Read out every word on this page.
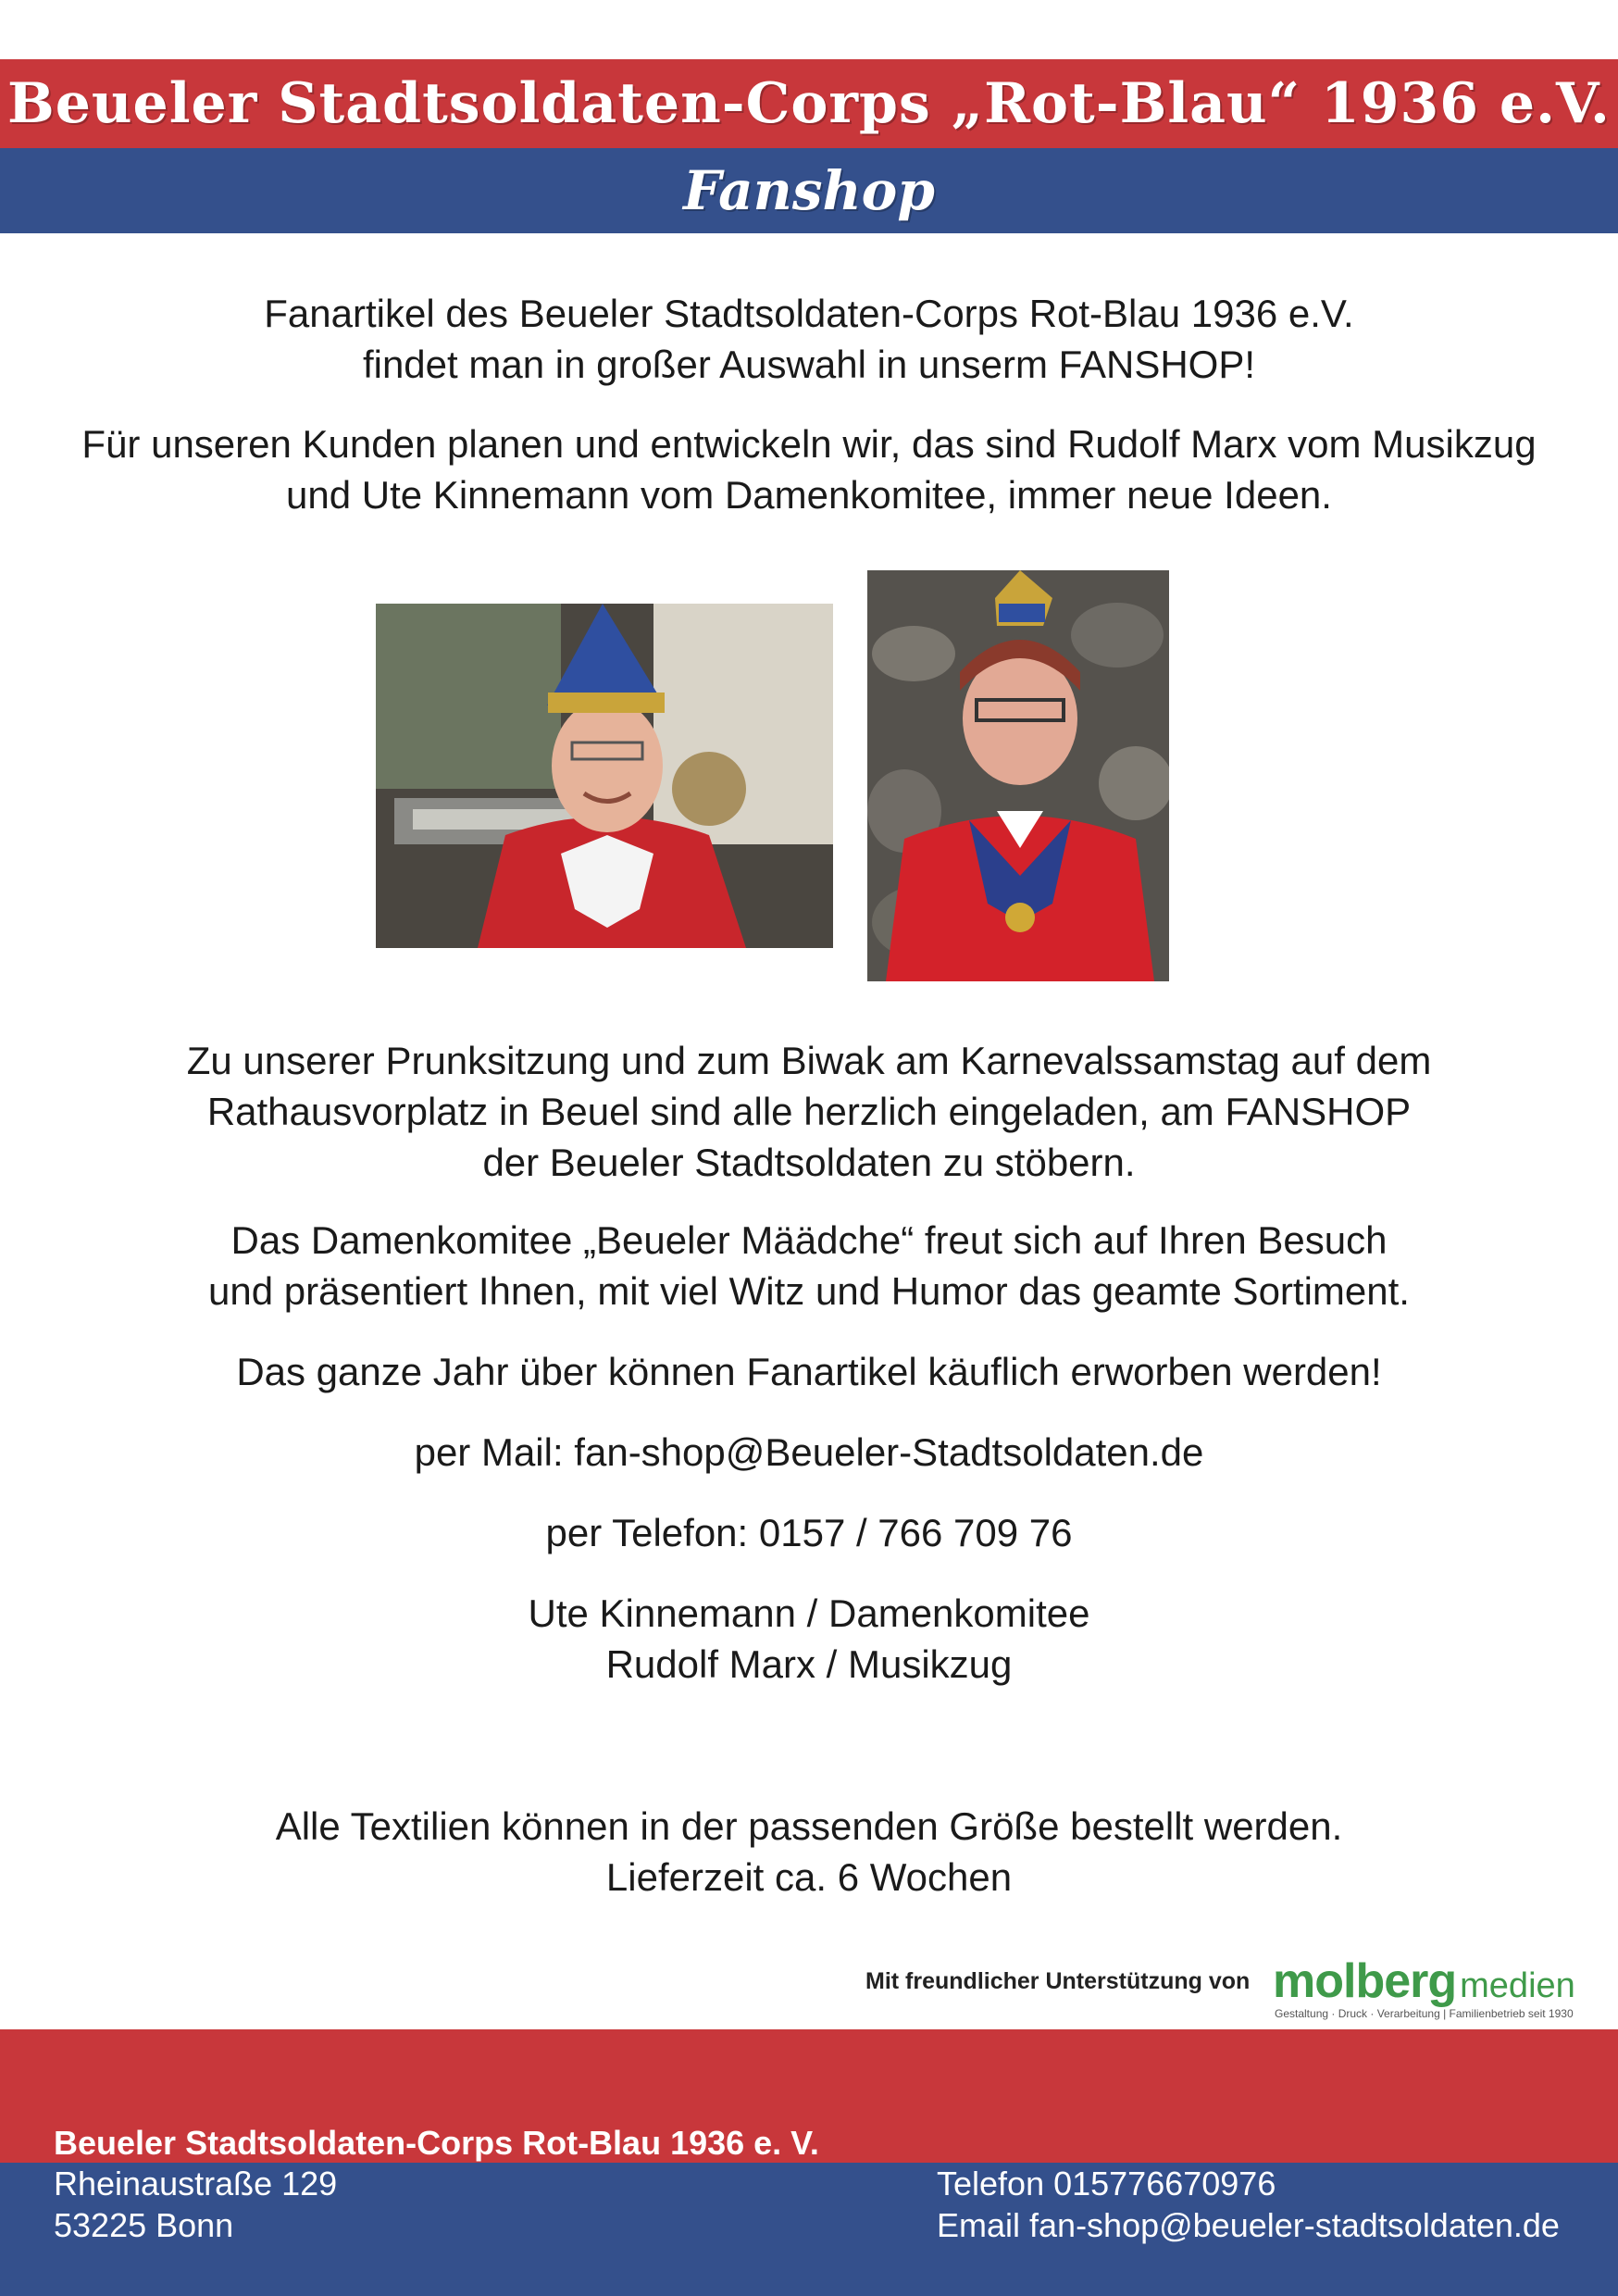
Beueler Stadtsoldaten-Corps „Rot-Blau“ 1936 e.V.
Fanshop
Fanartikel des Beueler Stadtsoldaten-Corps Rot-Blau 1936 e.V.
findet man in großer Auswahl in unserm FANSHOP!
Für unseren Kunden planen und entwickeln wir, das sind Rudolf Marx vom Musikzug
und Ute Kinnemann vom Damenkomitee, immer neue Ideen.
Zu unserer Prunksitzung und zum Biwak am Karnevalssamstag auf dem
Rathausvorplatz in Beuel sind alle herzlich eingeladen, am FANSHOP
der Beueler Stadtsoldaten zu stöbern.
Das Damenkomitee „Beueler Määdche“ freut sich auf Ihren Besuch
und präsentiert Ihnen, mit viel Witz und Humor das geamte Sortiment.
Das ganze Jahr über können Fanartikel käuflich erworben werden!
per Mail: fan-shop@Beueler-Stadtsoldaten.de
per Telefon: 0157 / 766 709 76
Ute Kinnemann / Damenkomitee
Rudolf Marx / Musikzug
Alle Textilien können in der passenden Größe bestellt werden.
Lieferzeit ca. 6 Wochen
Mit freundlicher Unterstützung von molberg medien
Gestaltung · Druck · Verarbeitung | Familienbetrieb seit 1930
Beueler Stadtsoldaten-Corps Rot-Blau 1936 e. V.
Rheinaustraße 129
53225 Bonn
Telefon 015776670976
Email fan-shop@beueler-stadtsoldaten.de
